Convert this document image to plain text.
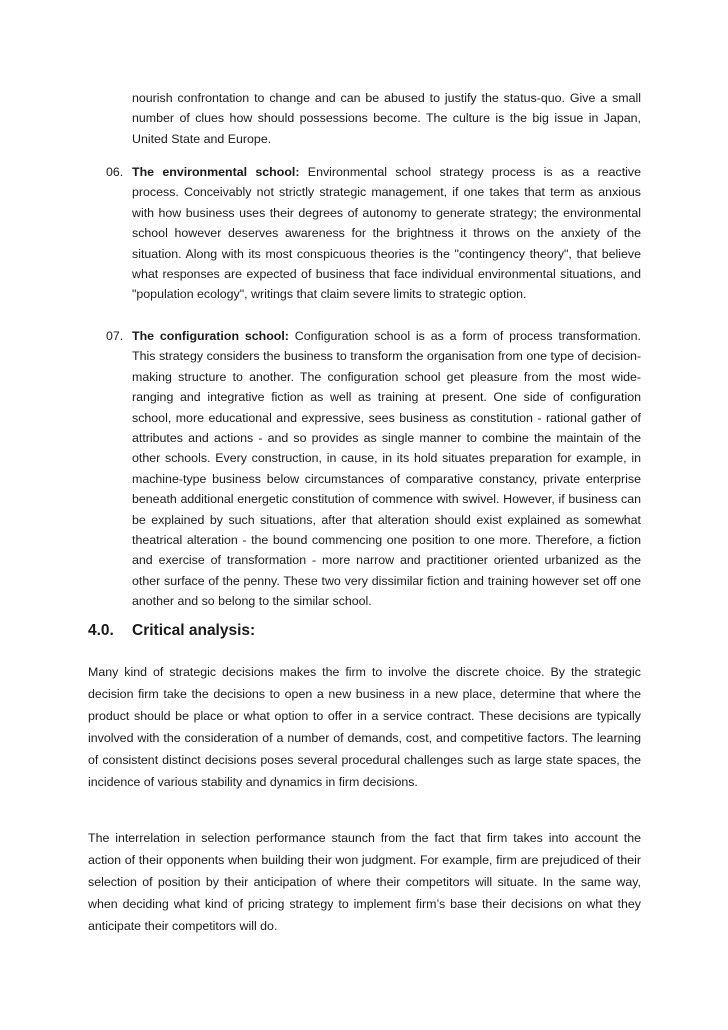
nourish confrontation to change and can be abused to justify the status-quo. Give a small number of clues how should possessions become. The culture is the big issue in Japan, United State and Europe.
06. The environmental school: Environmental school strategy process is as a reactive process. Conceivably not strictly strategic management, if one takes that term as anxious with how business uses their degrees of autonomy to generate strategy; the environmental school however deserves awareness for the brightness it throws on the anxiety of the situation. Along with its most conspicuous theories is the "contingency theory", that believe what responses are expected of business that face individual environmental situations, and "population ecology", writings that claim severe limits to strategic option.
07. The configuration school: Configuration school is as a form of process transformation. This strategy considers the business to transform the organisation from one type of decision-making structure to another. The configuration school get pleasure from the most wide-ranging and integrative fiction as well as training at present. One side of configuration school, more educational and expressive, sees business as constitution - rational gather of attributes and actions - and so provides as single manner to combine the maintain of the other schools. Every construction, in cause, in its hold situates preparation for example, in machine-type business below circumstances of comparative constancy, private enterprise beneath additional energetic constitution of commence with swivel. However, if business can be explained by such situations, after that alteration should exist explained as somewhat theatrical alteration - the bound commencing one position to one more. Therefore, a fiction and exercise of transformation - more narrow and practitioner oriented urbanized as the other surface of the penny. These two very dissimilar fiction and training however set off one another and so belong to the similar school.
4.0. Critical analysis:
Many kind of strategic decisions makes the firm to involve the discrete choice. By the strategic decision firm take the decisions to open a new business in a new place, determine that where the product should be place or what option to offer in a service contract. These decisions are typically involved with the consideration of a number of demands, cost, and competitive factors. The learning of consistent distinct decisions poses several procedural challenges such as large state spaces, the incidence of various stability and dynamics in firm decisions.
The interrelation in selection performance staunch from the fact that firm takes into account the action of their opponents when building their won judgment. For example, firm are prejudiced of their selection of position by their anticipation of where their competitors will situate. In the same way, when deciding what kind of pricing strategy to implement firm’s base their decisions on what they anticipate their competitors will do.
